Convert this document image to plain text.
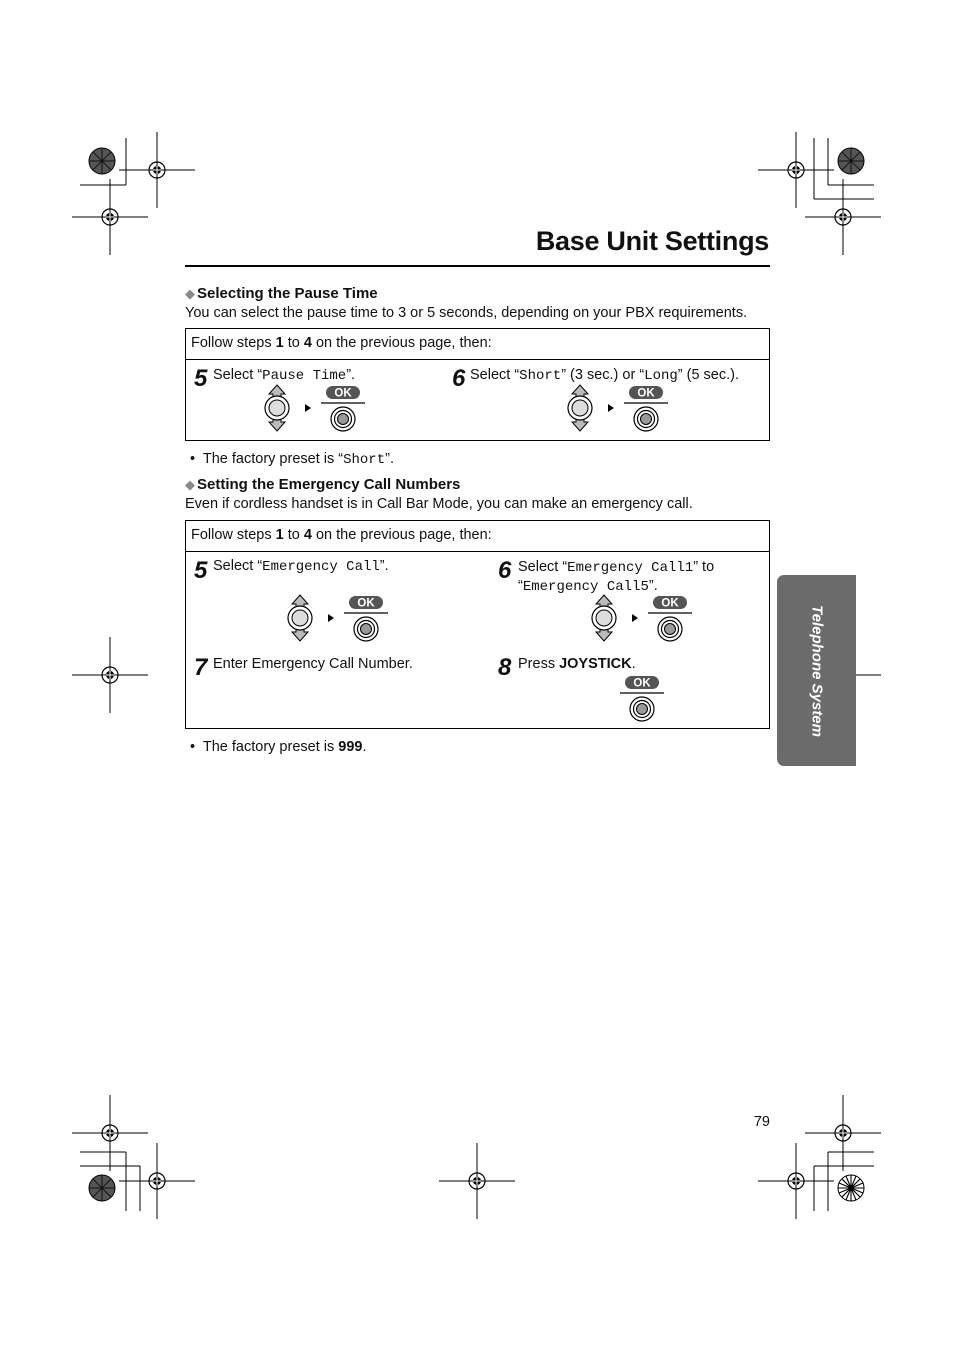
Base Unit Settings
◆ Selecting the Pause Time
You can select the pause time to 3 or 5 seconds, depending on your PBX requirements.
Follow steps 1 to 4 on the previous page, then:
5 Select “Pause Time”.
OK
6 Select “Short” (3 sec.) or “Long” (5 sec.).
OK
• The factory preset is “Short”.
◆ Setting the Emergency Call Numbers
Even if cordless handset is in Call Bar Mode, you can make an emergency call.
Follow steps 1 to 4 on the previous page, then:
5 Select “Emergency Call”.
OK
6 Select “Emergency Call1” to
“Emergency Call5”.
OK
7 Enter Emergency Call Number.	8 Press JOYSTICK.
OK
• The factory preset is 999.
Telephone System
79
